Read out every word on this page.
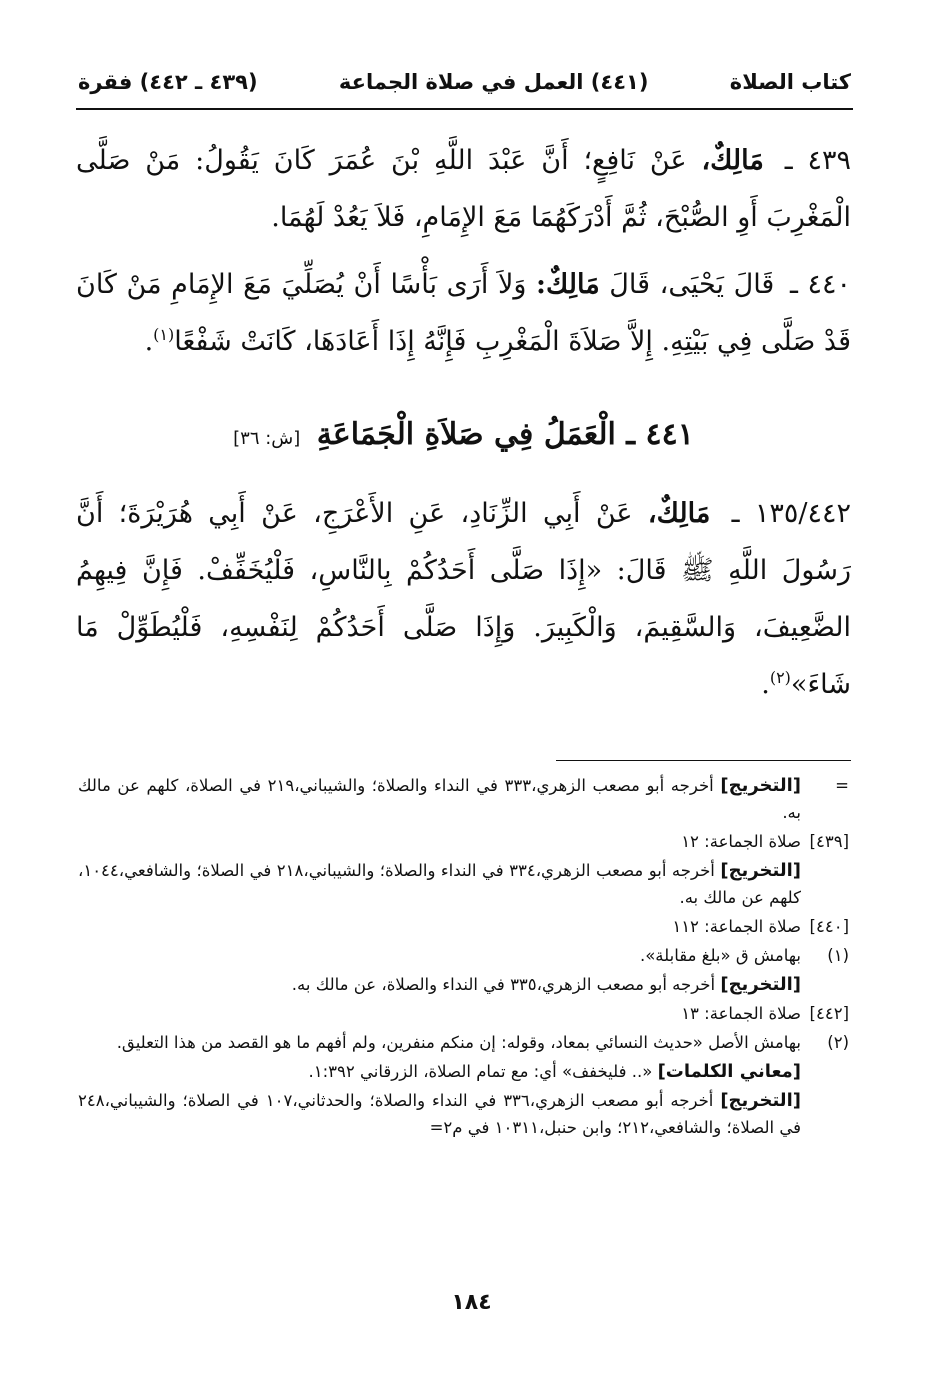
كتاب الصلاة
(٤٤١) العمل في صلاة الجماعة
(٤٣٩ ـ ٤٤٢) فقرة

٤٣٩ ـ مَالِكٌ، عَنْ نَافِعٍ؛ أَنَّ عَبْدَ اللَّهِ بْنَ عُمَرَ كَانَ يَقُولُ: مَنْ صَلَّى الْمَغْرِبَ أَوِ الصُّبْحَ، ثُمَّ أَدْرَكَهُمَا مَعَ الإِمَامِ، فَلاَ يَعُدْ لَهُمَا.

٤٤٠ ـ قَالَ يَحْيَى، قَالَ مَالِكٌ: وَلاَ أَرَى بَأْسًا أَنْ يُصَلِّيَ مَعَ الإِمَامِ مَنْ كَانَ قَدْ صَلَّى فِي بَيْتِهِ. إِلاَّ صَلاَةَ الْمَغْرِبِ فَإِنَّهُ إِذَا أَعَادَهَا، كَانَتْ شَفْعًا$^{(١)}$.

٤٤١ ـ الْعَمَلُ فِي صَلاَةِ الْجَمَاعَةِ [ش: ٣٦]

١٣٥/٤٤٢ ـ مَالِكٌ، عَنْ أَبِي الزِّنَادِ، عَنِ الأَعْرَجِ، عَنْ أَبِي هُرَيْرَةَ؛ أَنَّ رَسُولَ اللَّهِ ﷺ قَالَ: «إِذَا صَلَّى أَحَدُكُمْ بِالنَّاسِ، فَلْيُخَفِّفْ. فَإِنَّ فِيهِمُ الضَّعِيفَ، وَالسَّقِيمَ، وَالْكَبِيرَ. وَإِذَا صَلَّى أَحَدُكُمْ لِنَفْسِهِ، فَلْيُطَوِّلْ مَا شَاءَ»$^{(٢)}$.

=
[التخريج] أخرجه أبو مصعب الزهري،٣٣٣ في النداء والصلاة؛ والشيباني،٢١٩ في الصلاة، كلهم عن مالك به.
[٤٣٩]
صلاة الجماعة: ١٢
[التخريج] أخرجه أبو مصعب الزهري،٣٣٤ في النداء والصلاة؛ والشيباني،٢١٨ في الصلاة؛ والشافعي،١٠٤٤، كلهم عن مالك به.
[٤٤٠]
صلاة الجماعة: ١١٢
(١)
بهامش ق «بلغ مقابلة».
[التخريج] أخرجه أبو مصعب الزهري،٣٣٥ في النداء والصلاة، عن مالك به.
[٤٤٢]
صلاة الجماعة: ١٣
(٢)
بهامش الأصل «حديث النسائي بمعاد، وقوله: إن منكم منفرين، ولم أفهم ما هو القصد من هذا التعليق.
[معاني الكلمات] «.. فليخفف» أي: مع تمام الصلاة، الزرقاني ١:٣٩٢.
[التخريج] أخرجه أبو مصعب الزهري،٣٣٦ في النداء والصلاة؛ والحدثاني،١٠٧ في الصلاة؛ والشيباني،٢٤٨ في الصلاة؛ والشافعي،٢١٢؛ وابن حنبل،١٠٣١١ في م٢=
١٨٤
